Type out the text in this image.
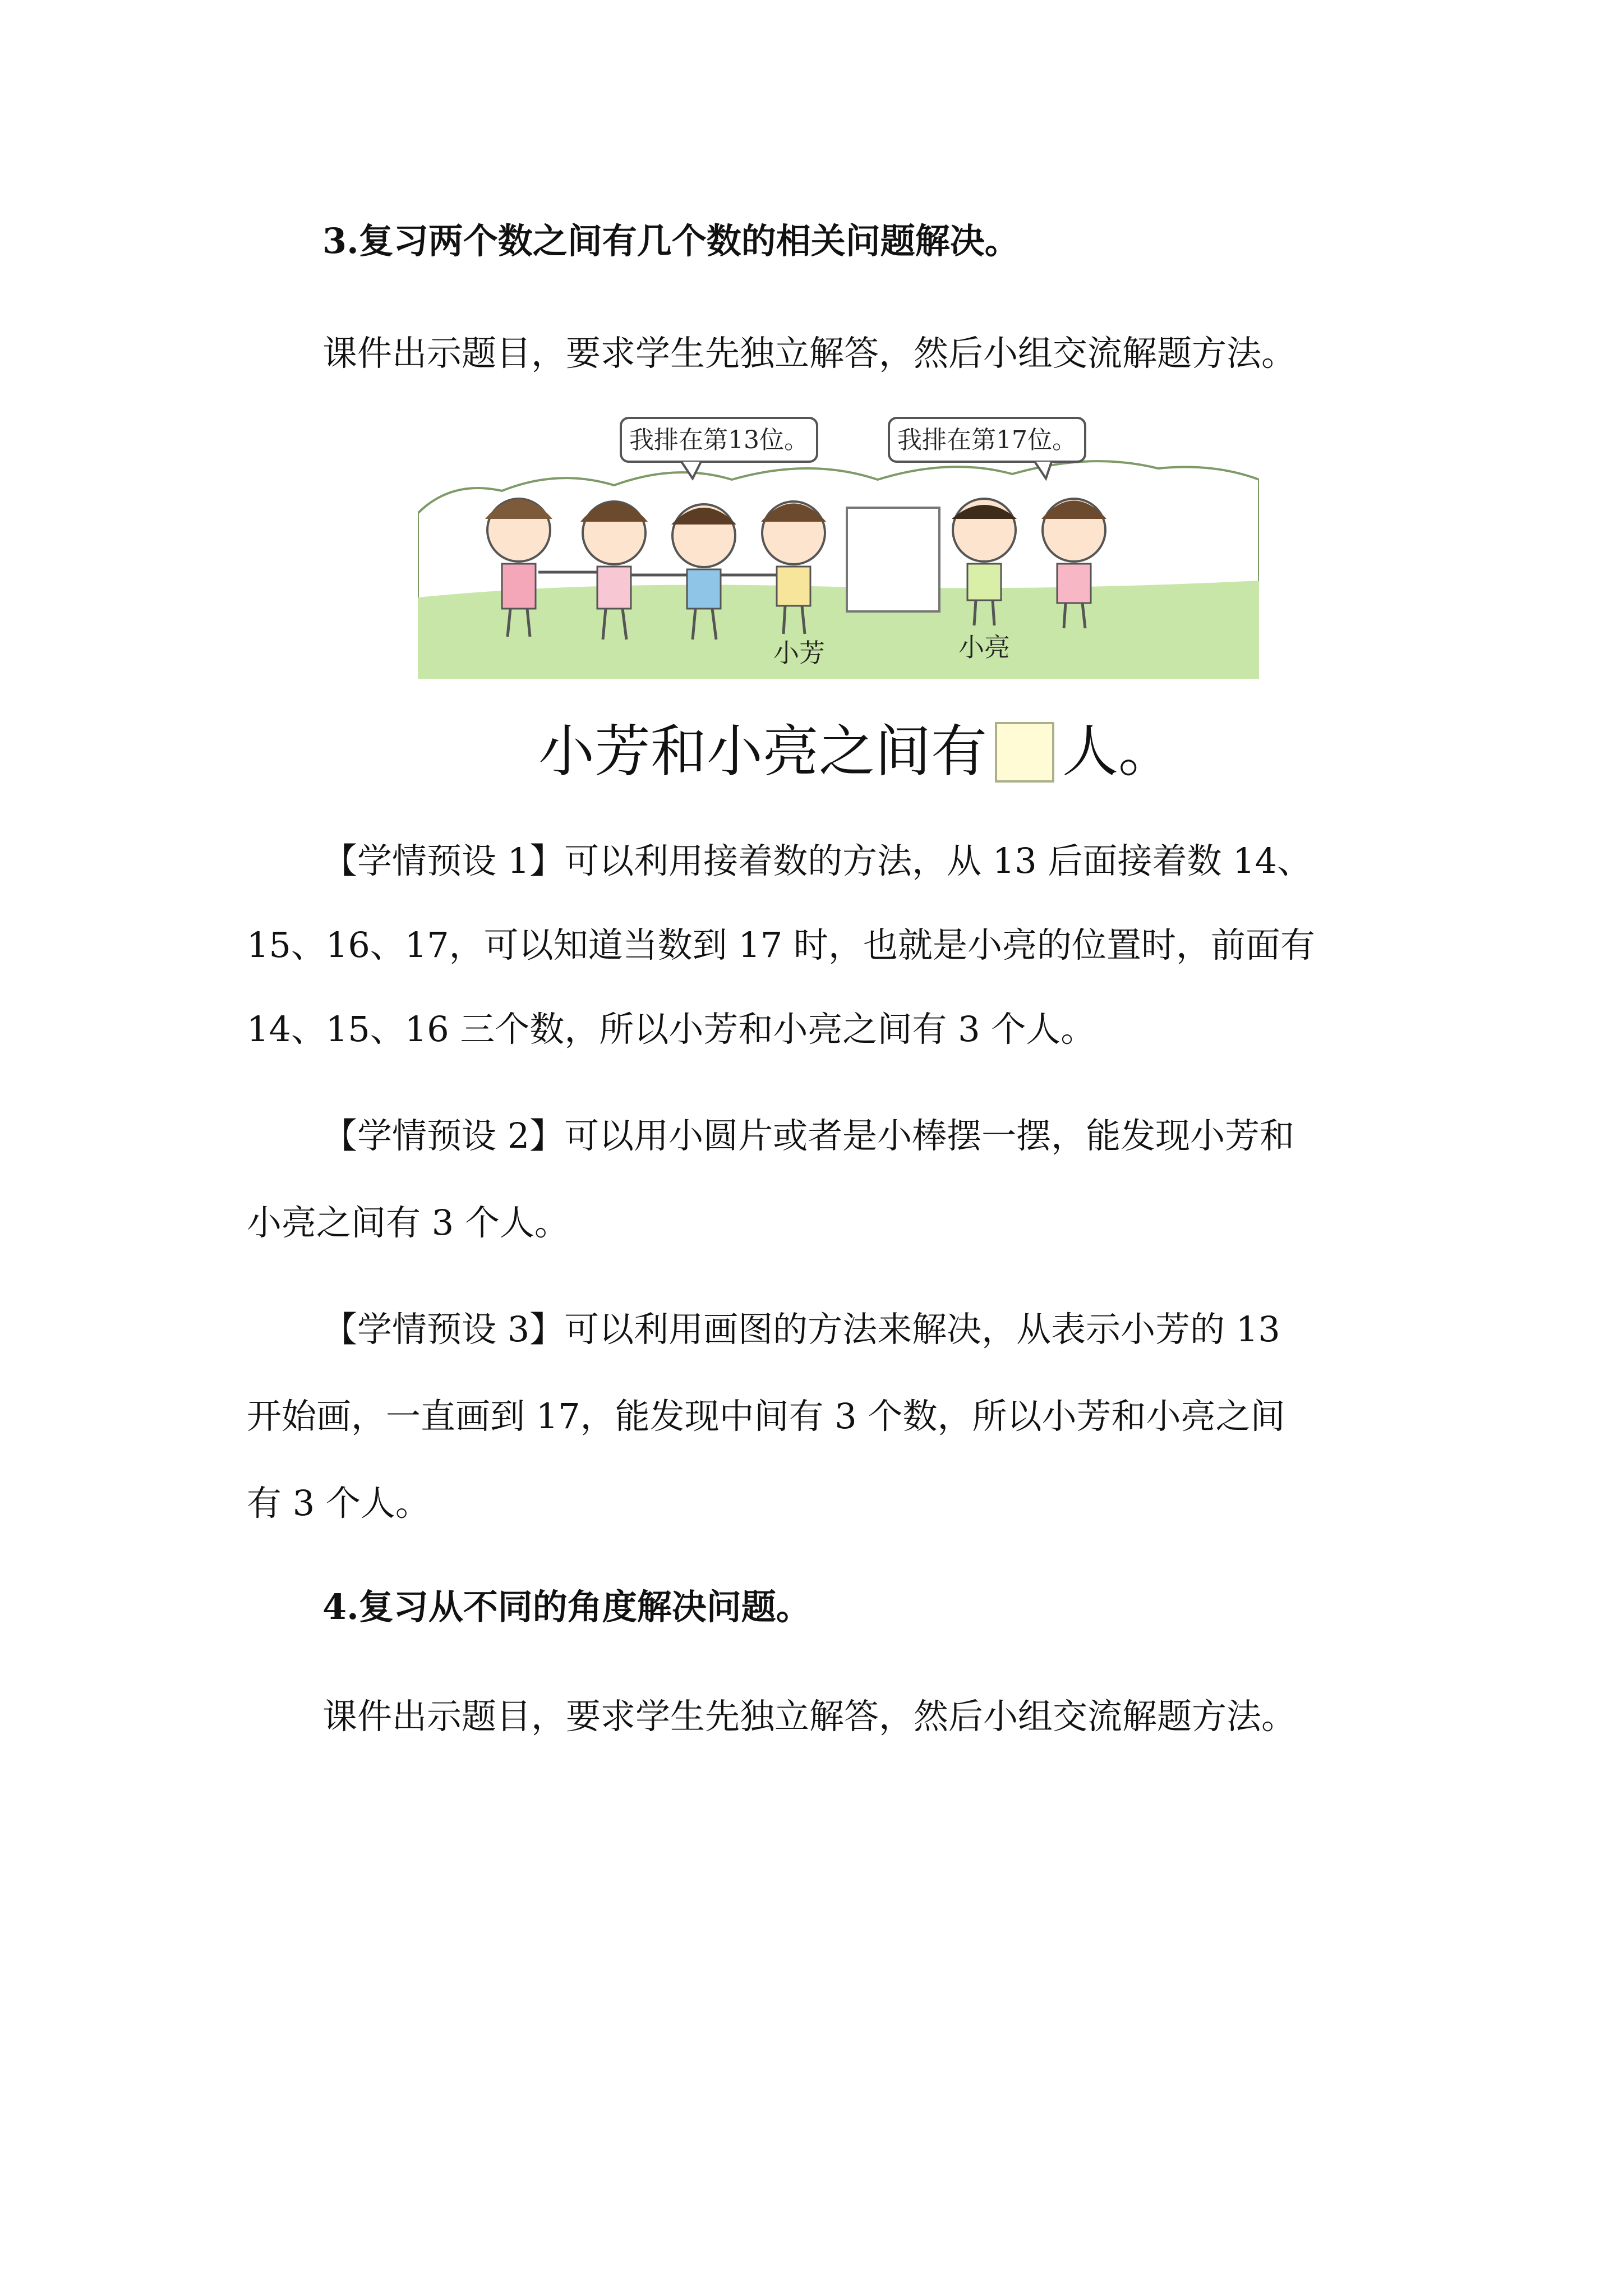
3.复习两个数之间有几个数的相关问题解决。
课件出示题目，要求学生先独立解答，然后小组交流解题方法。
我排在第13位。	我排在第17位。
小芳	小亮
小芳和小亮之间有 人。
【学情预设 1】可以利用接着数的方法，从 13 后面接着数 14、
15、16、17，可以知道当数到 17 时，也就是小亮的位置时，前面有
14、15、16 三个数，所以小芳和小亮之间有 3 个人。
【学情预设 2】可以用小圆片或者是小棒摆一摆，能发现小芳和
小亮之间有 3 个人。
【学情预设 3】可以利用画图的方法来解决，从表示小芳的 13
开始画，一直画到 17，能发现中间有 3 个数，所以小芳和小亮之间
有 3 个人。
4.复习从不同的角度解决问题。
课件出示题目，要求学生先独立解答，然后小组交流解题方法。
